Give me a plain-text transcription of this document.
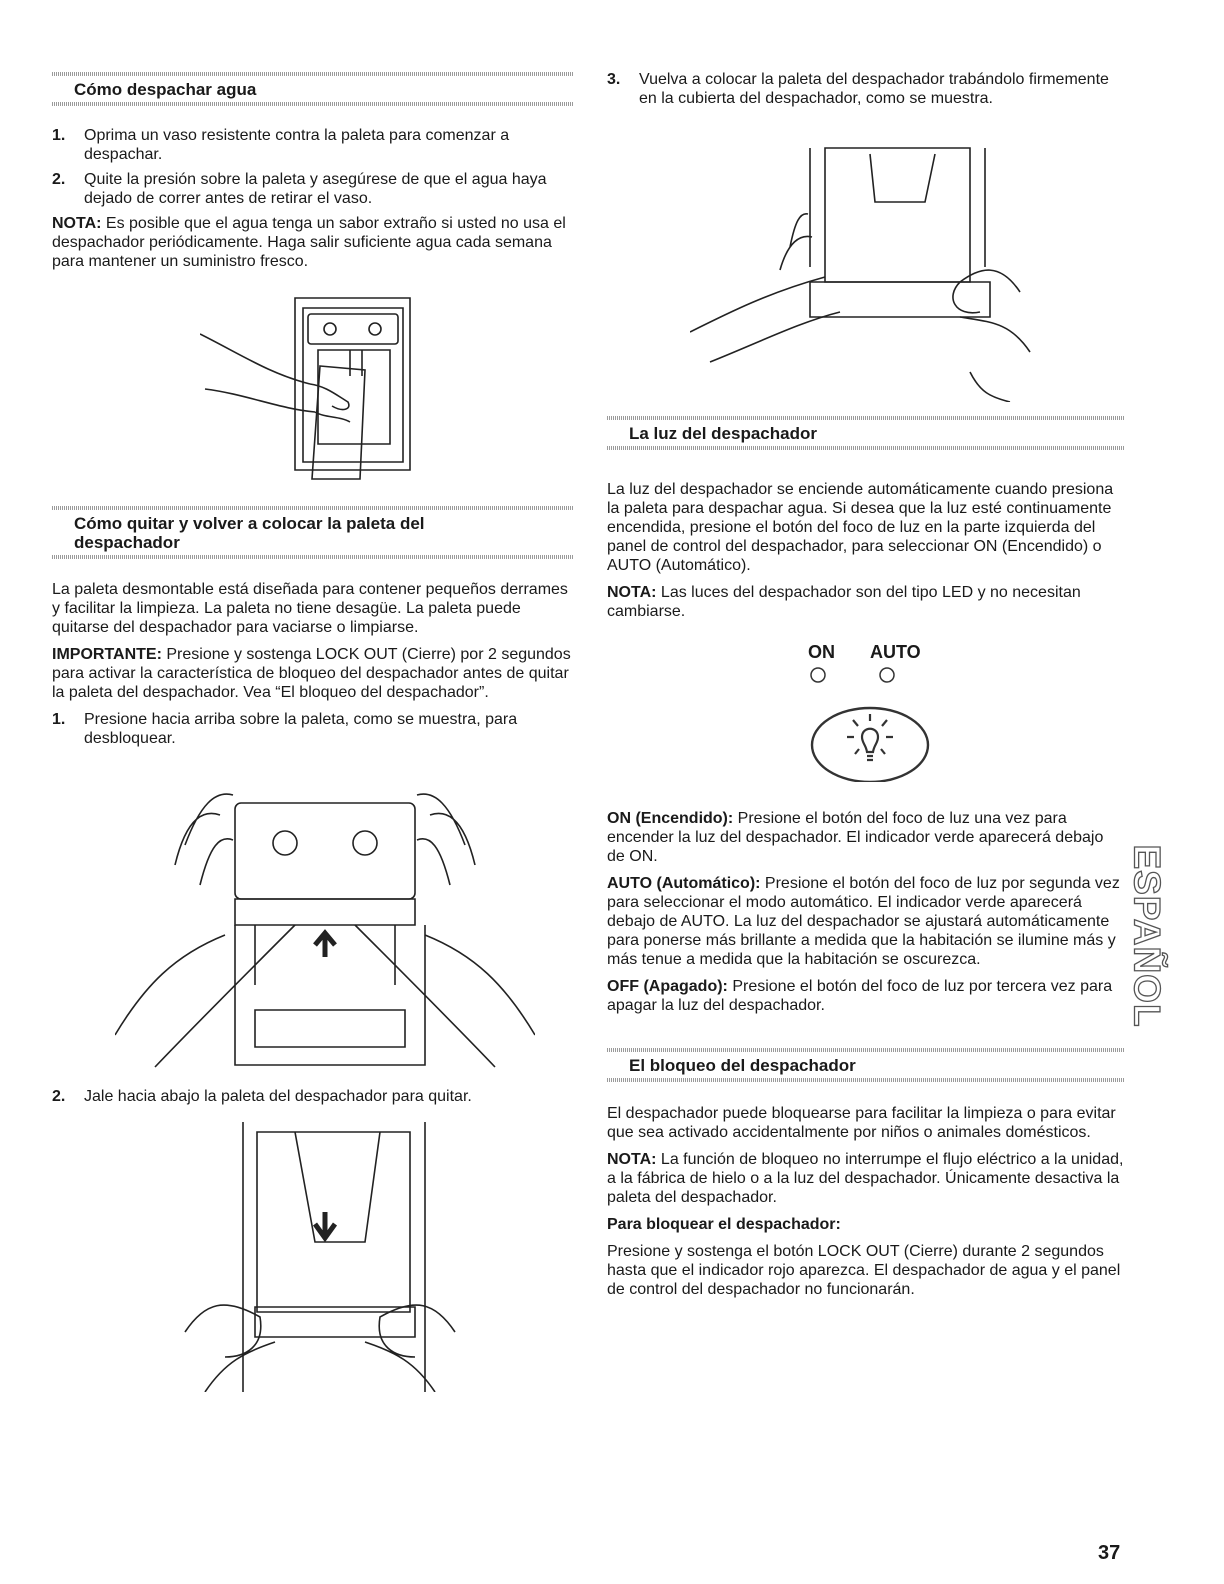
Cómo despachar agua
1. Oprima un vaso resistente contra la paleta para comenzar a despachar.
2. Quite la presión sobre la paleta y asegúrese de que el agua haya dejado de correr antes de retirar el vaso.

NOTA: Es posible que el agua tenga un sabor extraño si usted no usa el despachador periódicamente. Haga salir suficiente agua cada semana para mantener un suministro fresco.

Cómo quitar y volver a colocar la paleta del
despachador

La paleta desmontable está diseñada para contener pequeños derrames y facilitar la limpieza. La paleta no tiene desagüe. La paleta puede quitarse del despachador para vaciarse o limpiarse.

IMPORTANTE: Presione y sostenga LOCK OUT (Cierre) por 2 segundos para activar la característica de bloqueo del despachador antes de quitar la paleta del despachador. Vea “El bloqueo del despachador”.

1. Presione hacia arriba sobre la paleta, como se muestra, para desbloquear.
2. Jale hacia abajo la paleta del despachador para quitar.
3. Vuelva a colocar la paleta del despachador trabándolo firmemente en la cubierta del despachador, como se muestra.
La luz del despachador

La luz del despachador se enciende automáticamente cuando presiona la paleta para despachar agua. Si desea que la luz esté continuamente encendida, presione el botón del foco de luz en la parte izquierda del panel de control del despachador, para seleccionar ON (Encendido) o AUTO (Automático).

NOTA: Las luces del despachador son del tipo LED y no necesitan cambiarse.

ON AUTO

ON (Encendido): Presione el botón del foco de luz una vez para encender la luz del despachador. El indicador verde aparecerá debajo de ON.

AUTO (Automático): Presione el botón del foco de luz por segunda vez para seleccionar el modo automático. El indicador verde aparecerá debajo de AUTO. La luz del despachador se ajustará automáticamente para ponerse más brillante a medida que la habitación se ilumine más y más tenue a medida que la habitación se oscurezca.

OFF (Apagado): Presione el botón del foco de luz por tercera vez para apagar la luz del despachador.

El bloqueo del despachador

El despachador puede bloquearse para facilitar la limpieza o para evitar que sea activado accidentalmente por niños o animales domésticos.

NOTA: La función de bloqueo no interrumpe el flujo eléctrico a la unidad, a la fábrica de hielo o a la luz del despachador. Únicamente desactiva la paleta del despachador.

Para bloquear el despachador:

Presione y sostenga el botón LOCK OUT (Cierre) durante 2 segundos hasta que el indicador rojo aparezca. El despachador de agua y el panel de control del despachador no funcionarán.

ESPAÑOL
37
